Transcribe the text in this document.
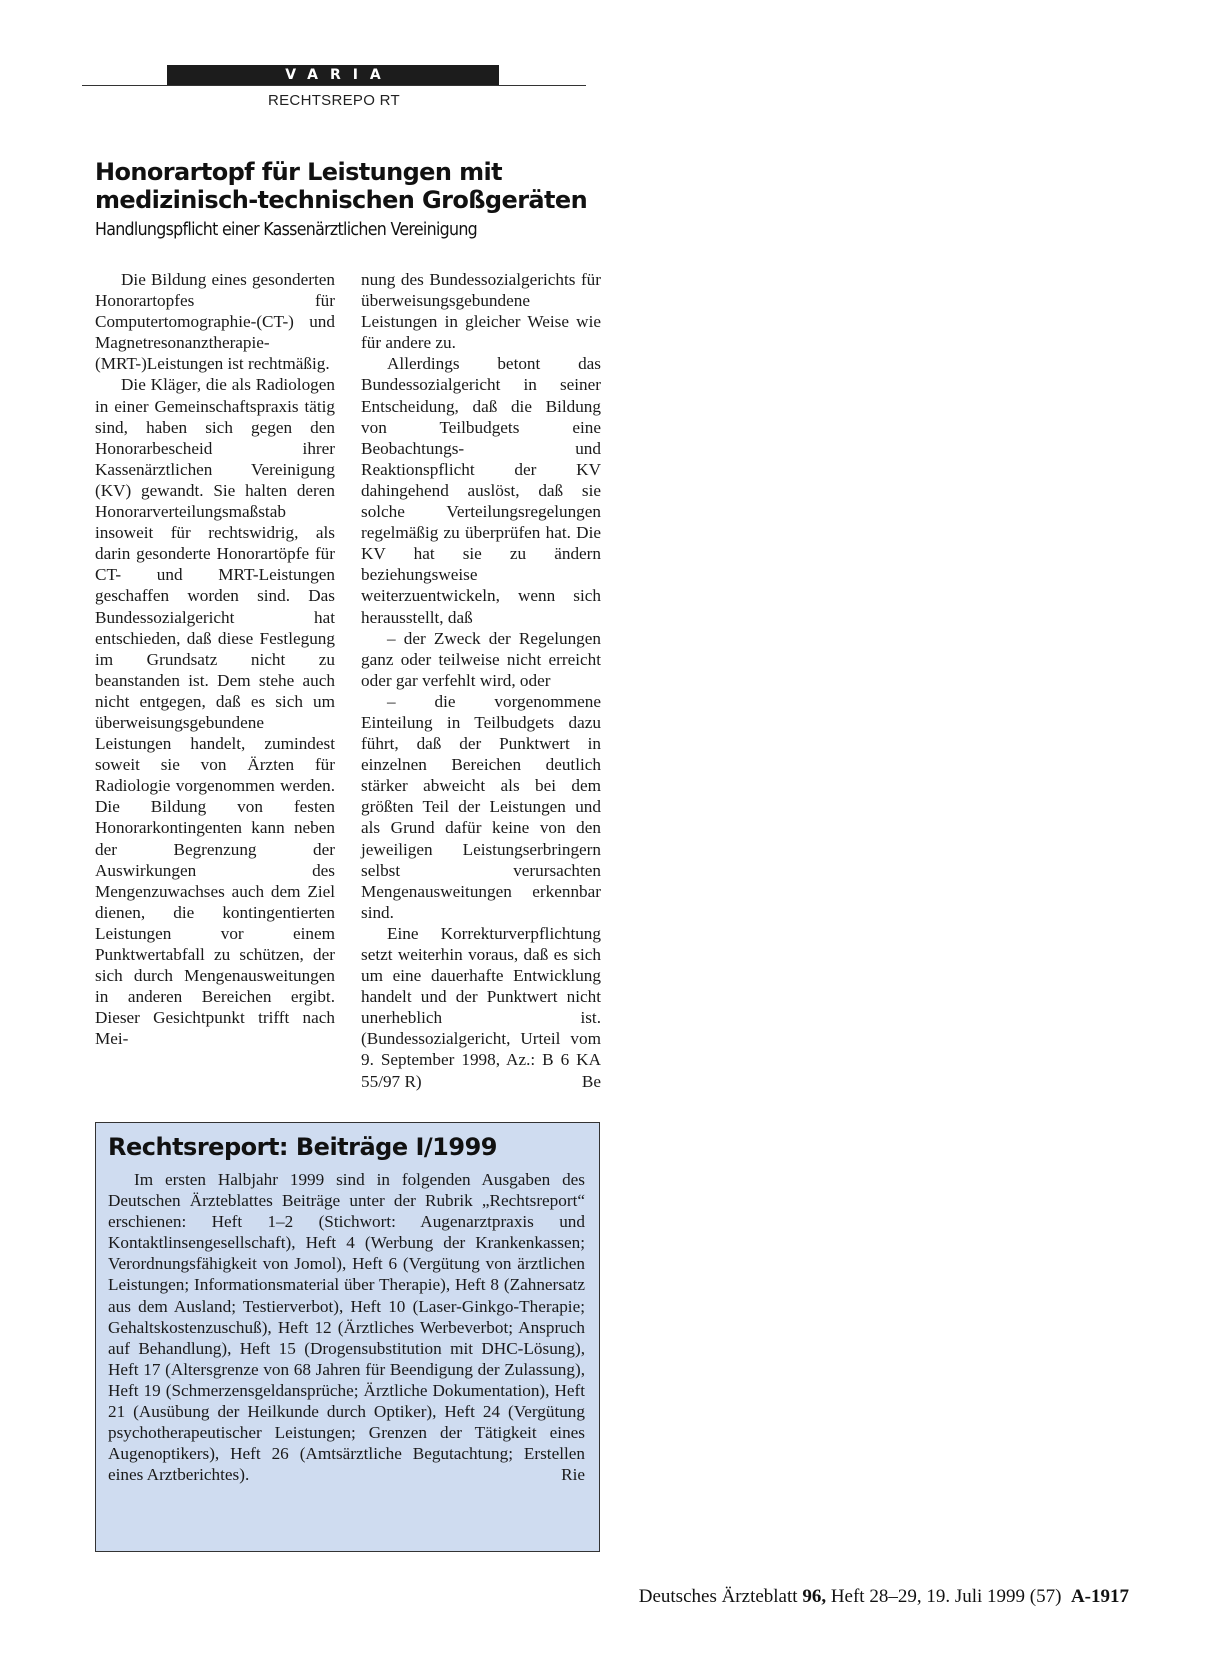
VARIA
RECHTSREPO RT
Honorartopf für Leistungen mit medizinisch-technischen Großgeräten
Handlungspflicht einer Kassenärztlichen Vereinigung

Die Bildung eines gesonderten Honorartopfes für Computertomographie-(CT-) und Magnetresonanztherapie-(MRT-)Leistungen ist rechtmäßig.

Die Kläger, die als Radiologen in einer Gemeinschaftspraxis tätig sind, haben sich gegen den Honorarbescheid ihrer Kassenärztlichen Vereinigung (KV) gewandt. Sie halten deren Honorarverteilungsmaßstab insoweit für rechtswidrig, als darin gesonderte Honorartöpfe für CT- und MRT-Leistungen geschaffen worden sind. Das Bundessozialgericht hat entschieden, daß diese Festlegung im Grundsatz nicht zu beanstanden ist. Dem stehe auch nicht entgegen, daß es sich um überweisungsgebundene Leistungen handelt, zumindest soweit sie von Ärzten für Radiologie vorgenommen werden. Die Bildung von festen Honorarkontingenten kann neben der Begrenzung der Auswirkungen des Mengenzuwachses auch dem Ziel dienen, die kontingentierten Leistungen vor einem Punktwertabfall zu schützen, der sich durch Mengenausweitungen in anderen Bereichen ergibt. Dieser Gesichtpunkt trifft nach Mei-

nung des Bundessozialgerichts für überweisungsgebundene Leistungen in gleicher Weise wie für andere zu.

Allerdings betont das Bundessozialgericht in seiner Entscheidung, daß die Bildung von Teilbudgets eine Beobachtungs- und Reaktionspflicht der KV dahingehend auslöst, daß sie solche Verteilungsregelungen regelmäßig zu überprüfen hat. Die KV hat sie zu ändern beziehungsweise weiterzuentwickeln, wenn sich herausstellt, daß

– der Zweck der Regelungen ganz oder teilweise nicht erreicht oder gar verfehlt wird, oder

– die vorgenommene Einteilung in Teilbudgets dazu führt, daß der Punktwert in einzelnen Bereichen deutlich stärker abweicht als bei dem größten Teil der Leistungen und als Grund dafür keine von den jeweiligen Leistungserbringern selbst verursachten Mengenausweitungen erkennbar sind.

Eine Korrekturverpflichtung setzt weiterhin voraus, daß es sich um eine dauerhafte Entwicklung handelt und der Punktwert nicht unerheblich ist. (Bundessozialgericht, Urteil vom 9. September 1998, Az.: B 6 KA 55/97 R)	Be

Rechtsreport: Beiträge I/1999

Im ersten Halbjahr 1999 sind in folgenden Ausgaben des Deutschen Ärzteblattes Beiträge unter der Rubrik „Rechtsreport“ erschienen: Heft 1–2 (Stichwort: Augenarztpraxis und Kontaktlinsengesellschaft), Heft 4 (Werbung der Krankenkassen; Verordnungsfähigkeit von Jomol), Heft 6 (Vergütung von ärztlichen Leistungen; Informationsmaterial über Therapie), Heft 8 (Zahnersatz aus dem Ausland; Testierverbot), Heft 10 (Laser-Ginkgo-Therapie; Gehaltskostenzuschuß), Heft 12 (Ärztliches Werbeverbot; Anspruch auf Behandlung), Heft 15 (Drogensubstitution mit DHC-Lösung), Heft 17 (Altersgrenze von 68 Jahren für Beendigung der Zulassung), Heft 19 (Schmerzensgeldansprüche; Ärztliche Dokumentation), Heft 21 (Ausübung der Heilkunde durch Optiker), Heft 24 (Vergütung psychotherapeutischer Leistungen; Grenzen der Tätigkeit eines Augenoptikers), Heft 26 (Amtsärztliche Begutachtung; Erstellen eines Arztberichtes).	Rie

Deutsches Ärzteblatt 96, Heft 28–29, 19. Juli 1999 (57) A-1917
